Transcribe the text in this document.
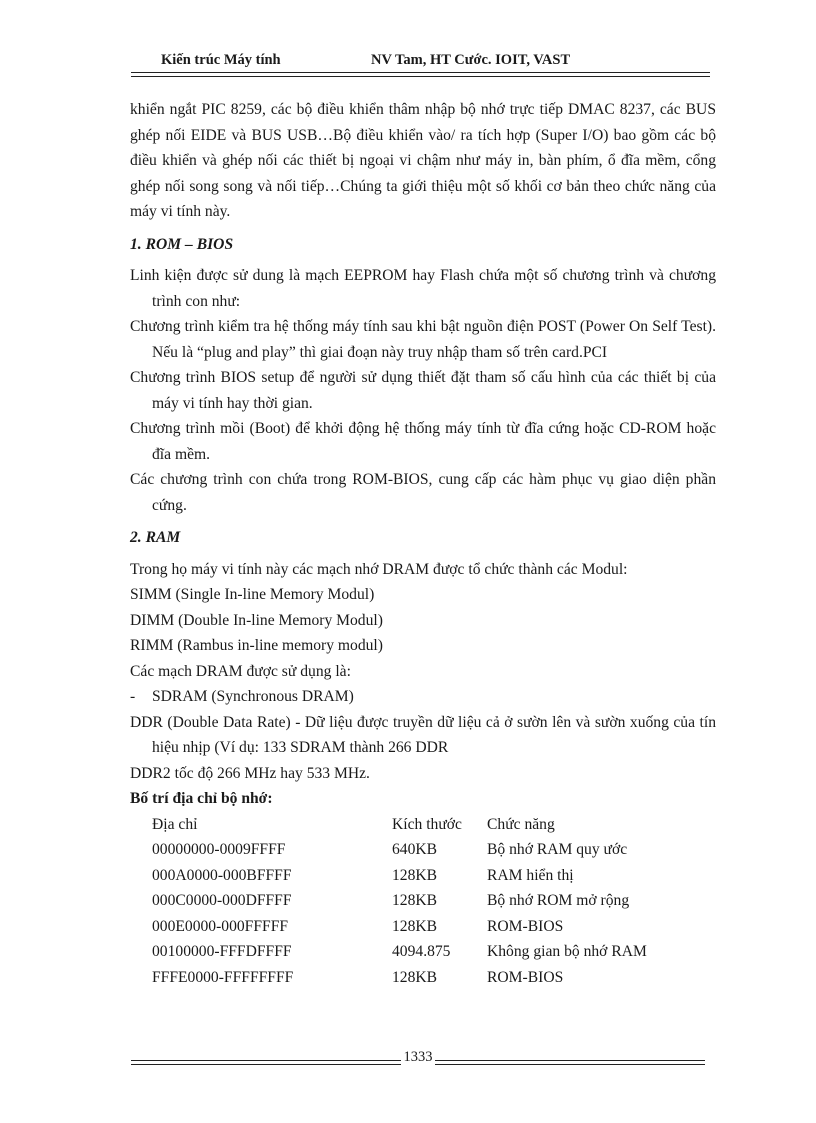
Kiến trúc Máy tính	NV Tam, HT Cước. IOIT, VAST

khiển ngắt PIC 8259, các bộ điều khiển thâm nhập bộ nhớ trực tiếp DMAC 8237, các BUS ghép nối EIDE và BUS USB…Bộ điều khiển vào/ ra tích hợp (Super I/O) bao gồm các bộ điều khiển và ghép nối các thiết bị ngoại vi chậm như máy in, bàn phím, ổ đĩa mềm, cổng ghép nối song song và nối tiếp…Chúng ta giới thiệu một số khối cơ bản theo chức năng của máy vi tính này.

1. ROM – BIOS

Linh kiện được sử dung là mạch EEPROM hay Flash chứa một số chương trình và chương trình con như:

Chương trình kiểm tra hệ thống máy tính sau khi bật nguồn điện POST (Power On Self Test). Nếu là “plug and play” thì giai đoạn này truy nhập tham số trên card.PCI

Chương trình BIOS setup để người sử dụng thiết đặt tham số cấu hình của các thiết bị của máy vi tính hay thời gian.

Chương trình mồi (Boot) để khởi động hệ thống máy tính từ đĩa cứng hoặc CD-ROM hoặc đĩa mềm.

Các chương trình con chứa trong ROM-BIOS, cung cấp các hàm phục vụ giao diện phần cứng.

2. RAM

Trong họ máy vi tính này các mạch nhớ DRAM được tổ chức thành các Modul:

SIMM (Single In-line Memory Modul)

DIMM (Double In-line Memory Modul)

RIMM (Rambus in-line memory modul)

Các mạch DRAM được sử dụng là:

-	SDRAM (Synchronous DRAM)

DDR (Double Data Rate) - Dữ liệu được truyền dữ liệu cả ở sườn lên và sườn xuống của tín hiệu nhịp (Ví dụ: 133 SDRAM thành 266 DDR

DDR2 tốc độ 266 MHz hay 533 MHz.

Bố trí địa chỉ bộ nhớ:

Địa chỉ	Kích thước	Chức năng
00000000-0009FFFF	640KB	Bộ nhớ RAM quy ước
000A0000-000BFFFF	128KB	RAM hiển thị
000C0000-000DFFFF	128KB	Bộ nhớ ROM mở rộng
000E0000-000FFFFF	128KB	ROM-BIOS
00100000-FFFDFFFF	4094.875	Không gian bộ nhớ RAM
FFFE0000-FFFFFFFF	128KB	ROM-BIOS
1333
